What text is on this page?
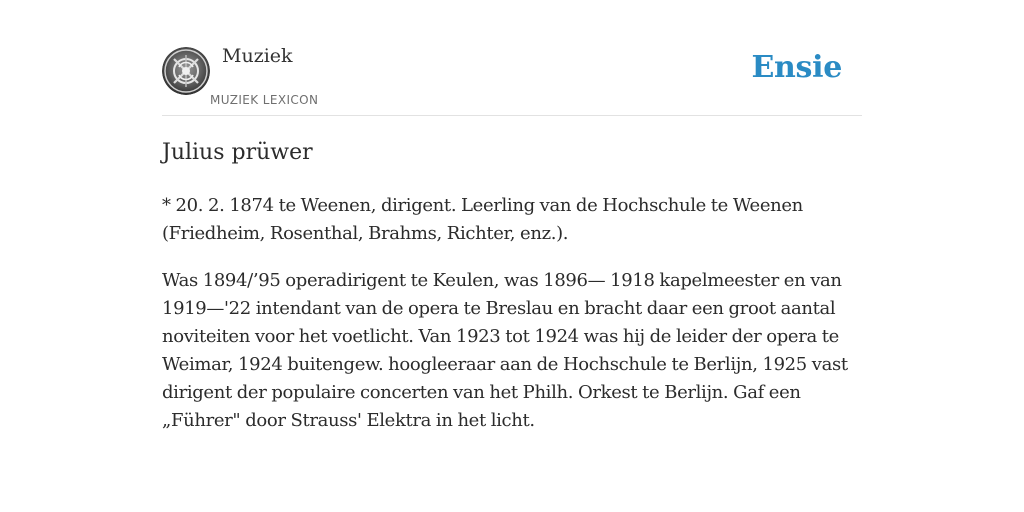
Muziek
MUZIEK LEXICON
Ensie
Julius prüwer

* 20. 2. 1874 te Weenen, dirigent. Leerling van de Hochschule te Weenen (Friedheim, Rosenthal, Brahms, Richter, enz.).

Was 1894/’95 operadirigent te Keulen, was 1896— 1918 kapelmeester en van 1919—'22 intendant van de opera te Breslau en bracht daar een groot aantal noviteiten voor het voetlicht. Van 1923 tot 1924 was hij de leider der opera te Weimar, 1924 buitengew. hoogleeraar aan de Hochschule te Berlijn, 1925 vast dirigent der populaire concerten van het Philh. Orkest te Berlijn. Gaf een „Führer" door Strauss' Elektra in het licht.
